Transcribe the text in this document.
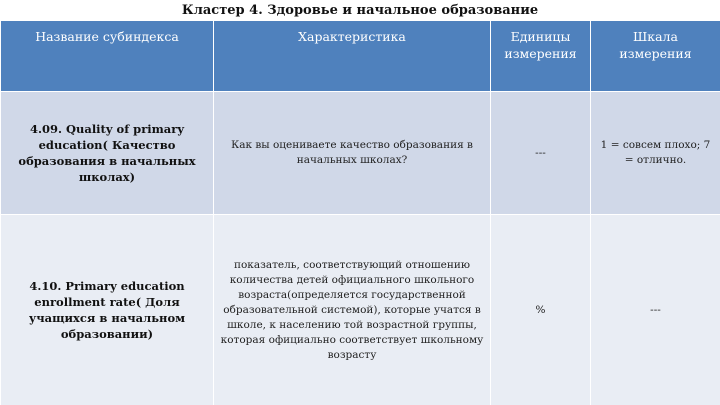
Кластер 4. Здоровье и начальное образование
Название субиндекса	Характеристика	Единицы измерения	Шкала измерения
4.09. Quality of primary education( Качество образования в начальных школах)	Как вы оцениваете качество образования в начальных школах?	---	1 = совсем плохо; 7 = отлично.
4.10. Primary education enrollment rate( Доля учащихся в начальном образовании)	показатель, соответствующий отношению количества детей официального школьного возраста(определяется государственной образовательной системой), которые учатся в школе, к населению той возрастной группы, которая официально соответствует школьному возрасту	%	---
